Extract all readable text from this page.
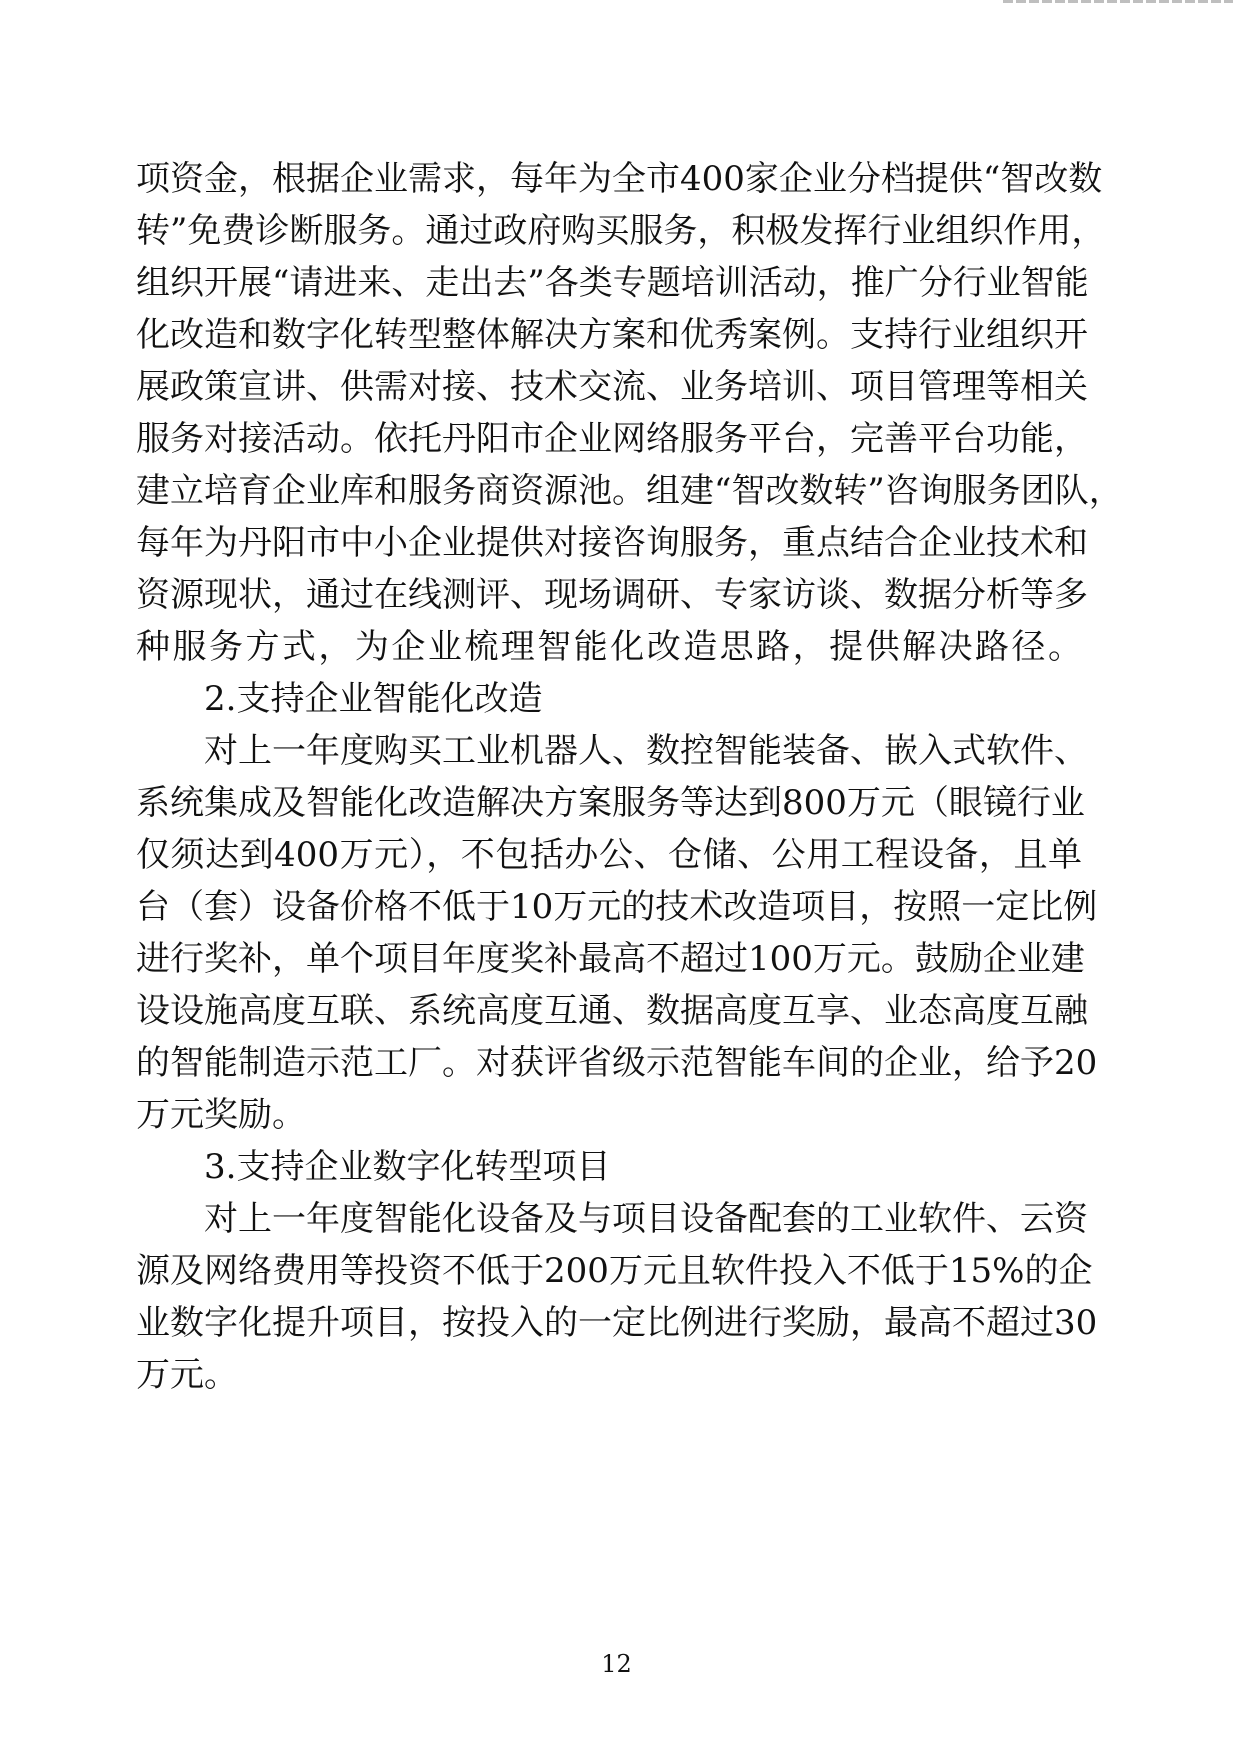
项资金，根据企业需求，每年为全市400家企业分档提供“智改数
转”免费诊断服务。通过政府购买服务，积极发挥行业组织作用，
组织开展“请进来、走出去”各类专题培训活动，推广分行业智能
化改造和数字化转型整体解决方案和优秀案例。支持行业组织开
展政策宣讲、供需对接、技术交流、业务培训、项目管理等相关
服务对接活动。依托丹阳市企业网络服务平台，完善平台功能，
建立培育企业库和服务商资源池。组建“智改数转”咨询服务团队，
每年为丹阳市中小企业提供对接咨询服务，重点结合企业技术和
资源现状，通过在线测评、现场调研、专家访谈、数据分析等多
种服务方式，为企业梳理智能化改造思路，提供解决路径。
2.支持企业智能化改造
对上一年度购买工业机器人、数控智能装备、嵌入式软件、
系统集成及智能化改造解决方案服务等达到800万元（眼镜行业
仅须达到400万元），不包括办公、仓储、公用工程设备，且单
台（套）设备价格不低于10万元的技术改造项目，按照一定比例
进行奖补，单个项目年度奖补最高不超过100万元。鼓励企业建
设设施高度互联、系统高度互通、数据高度互享、业态高度互融
的智能制造示范工厂。对获评省级示范智能车间的企业，给予20
万元奖励。
3.支持企业数字化转型项目
对上一年度智能化设备及与项目设备配套的工业软件、云资
源及网络费用等投资不低于200万元且软件投入不低于15%的企
业数字化提升项目，按投入的一定比例进行奖励，最高不超过30
万元。
12
